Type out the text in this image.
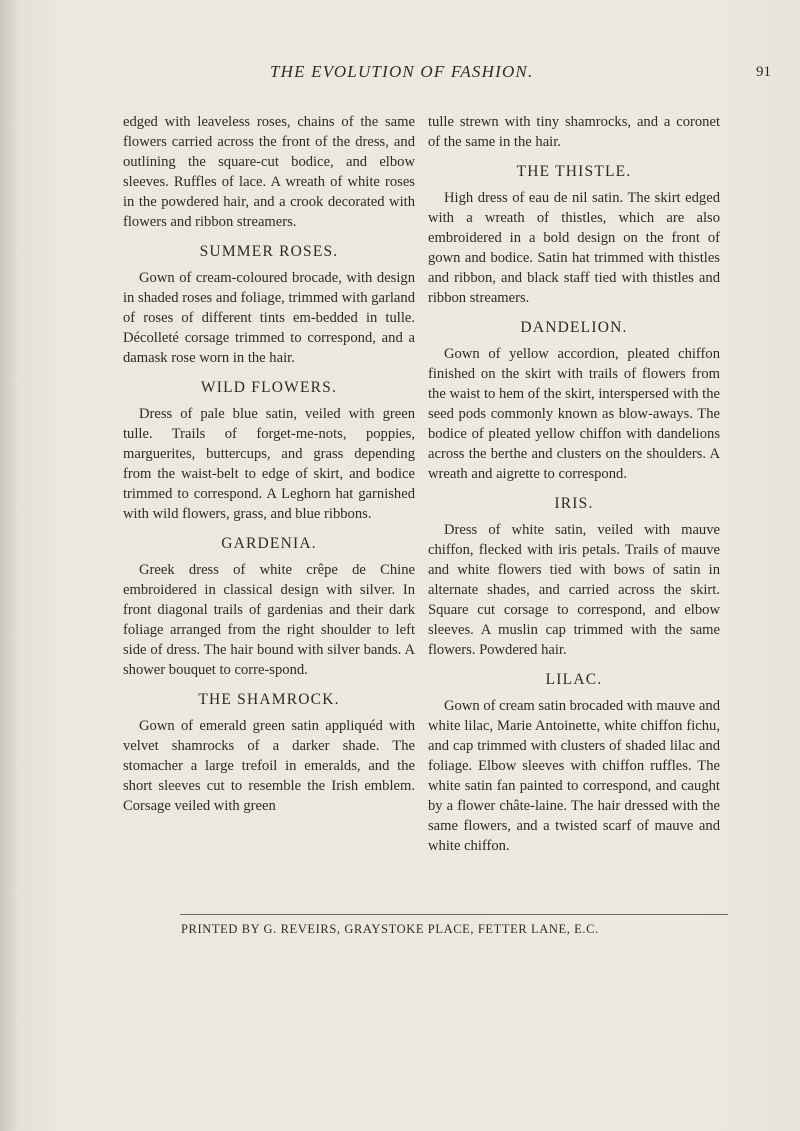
THE EVOLUTION OF FASHION.	91

edged with leaveless roses, chains of the same flowers carried across the front of the dress, and outlining the square-cut bodice, and elbow sleeves. Ruffles of lace. A wreath of white roses in the powdered hair, and a crook decorated with flowers and ribbon streamers.

SUMMER ROSES.

Gown of cream-coloured brocade, with design in shaded roses and foliage, trimmed with garland of roses of different tints em-bedded in tulle. Décolleté corsage trimmed to correspond, and a damask rose worn in the hair.

WILD FLOWERS.

Dress of pale blue satin, veiled with green tulle. Trails of forget-me-nots, poppies, marguerites, buttercups, and grass depending from the waist-belt to edge of skirt, and bodice trimmed to correspond. A Leghorn hat garnished with wild flowers, grass, and blue ribbons.

GARDENIA.

Greek dress of white crêpe de Chine embroidered in classical design with silver. In front diagonal trails of gardenias and their dark foliage arranged from the right shoulder to left side of dress. The hair bound with silver bands. A shower bouquet to corre-spond.

THE SHAMROCK.

Gown of emerald green satin appliquéd with velvet shamrocks of a darker shade. The stomacher a large trefoil in emeralds, and the short sleeves cut to resemble the Irish emblem. Corsage veiled with green

tulle strewn with tiny shamrocks, and a coronet of the same in the hair.

THE THISTLE.

High dress of eau de nil satin. The skirt edged with a wreath of thistles, which are also embroidered in a bold design on the front of gown and bodice. Satin hat trimmed with thistles and ribbon, and black staff tied with thistles and ribbon streamers.

DANDELION.

Gown of yellow accordion, pleated chiffon finished on the skirt with trails of flowers from the waist to hem of the skirt, interspersed with the seed pods commonly known as blow-aways. The bodice of pleated yellow chiffon with dandelions across the berthe and clusters on the shoulders. A wreath and aigrette to correspond.

IRIS.

Dress of white satin, veiled with mauve chiffon, flecked with iris petals. Trails of mauve and white flowers tied with bows of satin in alternate shades, and carried across the skirt. Square cut corsage to correspond, and elbow sleeves. A muslin cap trimmed with the same flowers. Powdered hair.

LILAC.

Gown of cream satin brocaded with mauve and white lilac, Marie Antoinette, white chiffon fichu, and cap trimmed with clusters of shaded lilac and foliage. Elbow sleeves with chiffon ruffles. The white satin fan painted to correspond, and caught by a flower châte-laine. The hair dressed with the same flowers, and a twisted scarf of mauve and white chiffon.

PRINTED BY G. REVEIRS, GRAYSTOKE PLACE, FETTER LANE, E.C.
